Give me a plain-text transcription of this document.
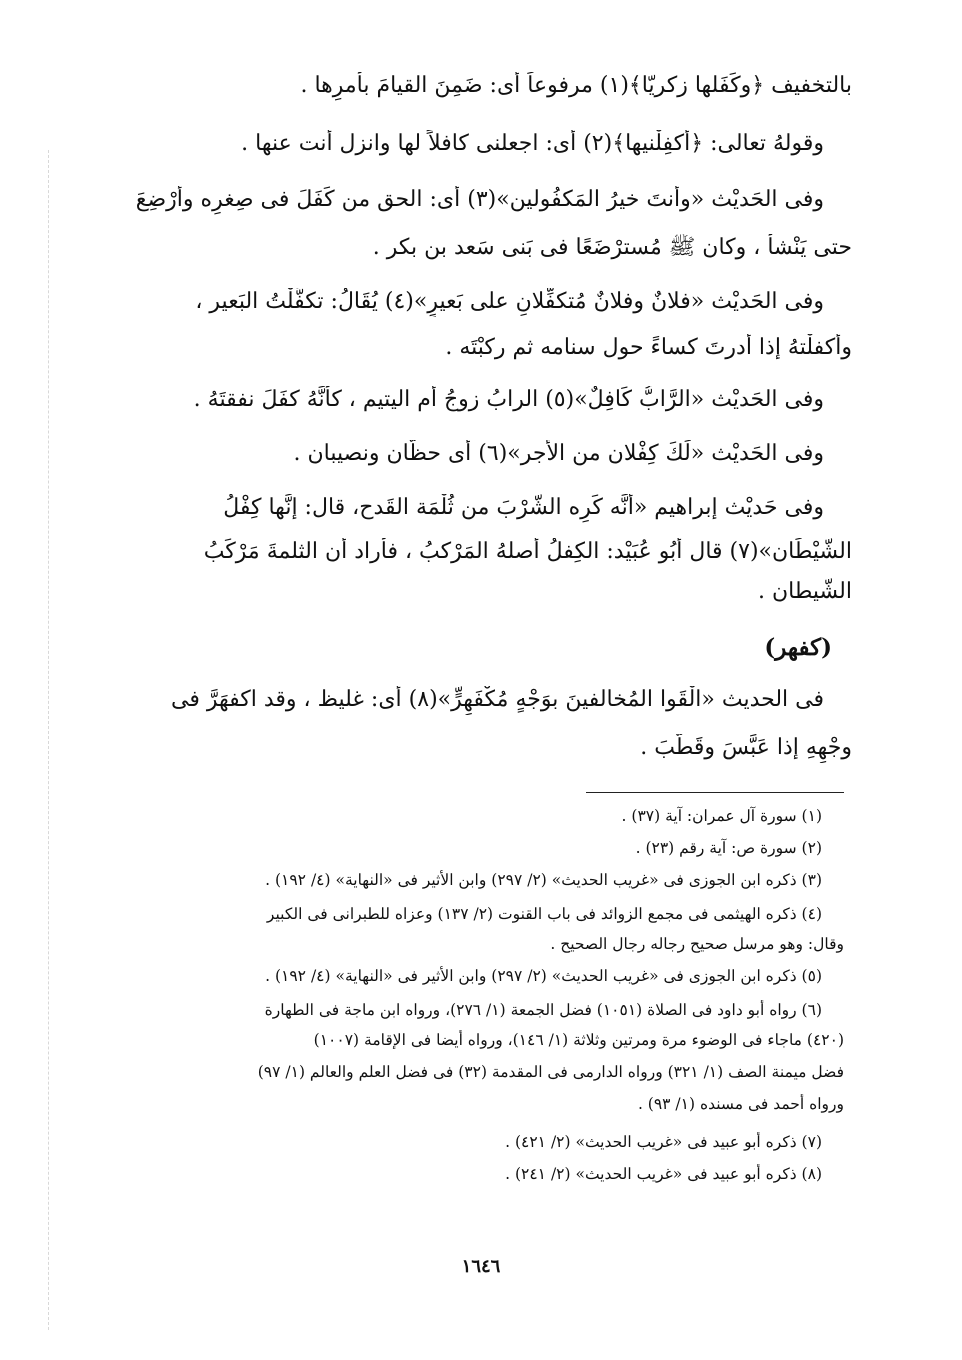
بالتخفيف ﴿وكَفَلها زكريّا﴾(١) مرفوعاً أى: ضَمِنَ القيامَ بأمرِها .
وقولهُ تعالى: ﴿أكفِلْنيها﴾(٢) أى: اجعلنى كافلاً لها وانزل أنت عنها .
وفى الحَديْث «وأنتَ خيرُ المَكفُولين»(٣) أى: الحق من كَفَلَ فى صِغرِه وأُرْضِعَ
حتى يَنْشأ ، وكان ﷺ مُسترْضَعًا فى بَنى سَعد بن بكر .
وفى الحَديْث «فلانٌ وفلانٌ مُتكفِّلانِ على بَعيرٍ»(٤) يُقَالُ: تكفَّلْتُ البَعير ،
وأكفلْتهُ إذا أدرتَ كساءً حول سنامه ثم ركبْتَه .
وفى الحَديْث «الرَّابُّ كَافِلٌ»(٥) الرابُ زوجُ أم اليتيم ، كأنَّهُ كفَلَ نفقتَهُ .
وفى الحَديْث «لَكَ كِفْلان من الأجر»(٦) أى حظَّان ونصيبان .
وفى حَديْث إبراهيم «أنَّه كَرِه الشُّرْبَ من ثُلْمَة القَدح، قال: إنَّها كِفْلُ
الشَّيْطَان»(٧) قال أَبُو عُبَيْد: الكِفلُ أصلهُ المَرْكبُ ، فأراد أن الثلمةَ مَرْكَبُ
الشَّيطان .
(كفهر)
فى الحديث «الْقَوا المُخالفينَ بوَجْهٍ مُكْفَهِرٍّ»(٨) أى: غليظ ، وقد اكفهَرَّ فى
وجْهِهِ إذا عَبَّسَ وقَطَّبَ .
(١) سورة آل عمران: آية (٣٧) .
(٢) سورة ص: آية رقم (٢٣) .
(٣) ذكره ابن الجوزى فى «غريب الحديث» (٢/ ٢٩٧) وابن الأثير فى «النهاية» (٤/ ١٩٢) .
(٤) ذكره الهيثمى فى مجمع الزوائد فى باب القنوت (٢/ ١٣٧) وعزاه للطبرانى فى الكبير
وقال: وهو مرسل صحيح رجاله رجال الصحيح .
(٥) ذكره ابن الجوزى فى «غريب الحديث» (٢/ ٢٩٧) وابن الأثير فى «النهاية» (٤/ ١٩٢) .
(٦) رواه أبو داود فى الصلاة (١٠٥١) فضل الجمعة (١/ ٢٧٦)، ورواه ابن ماجة فى الطهارة
(٤٢٠) ماجاء فى الوضوء مرة ومرتين وثلاثة (١/ ١٤٦)، ورواه أيضا فى الإقامة (١٠٠٧)
فضل ميمنة الصف (١/ ٣٢١) ورواه الدارمى فى المقدمة (٣٢) فى فضل العلم والعالم (١/ ٩٧)
ورواه أحمد فى مسنده (١/ ٩٣) .
(٧) ذكره أبو عبيد فى «غريب الحديث» (٢/ ٤٢١) .
(٨) ذكره أبو عبيد فى «غريب الحديث» (٢/ ٢٤١) .
١٦٤٦
